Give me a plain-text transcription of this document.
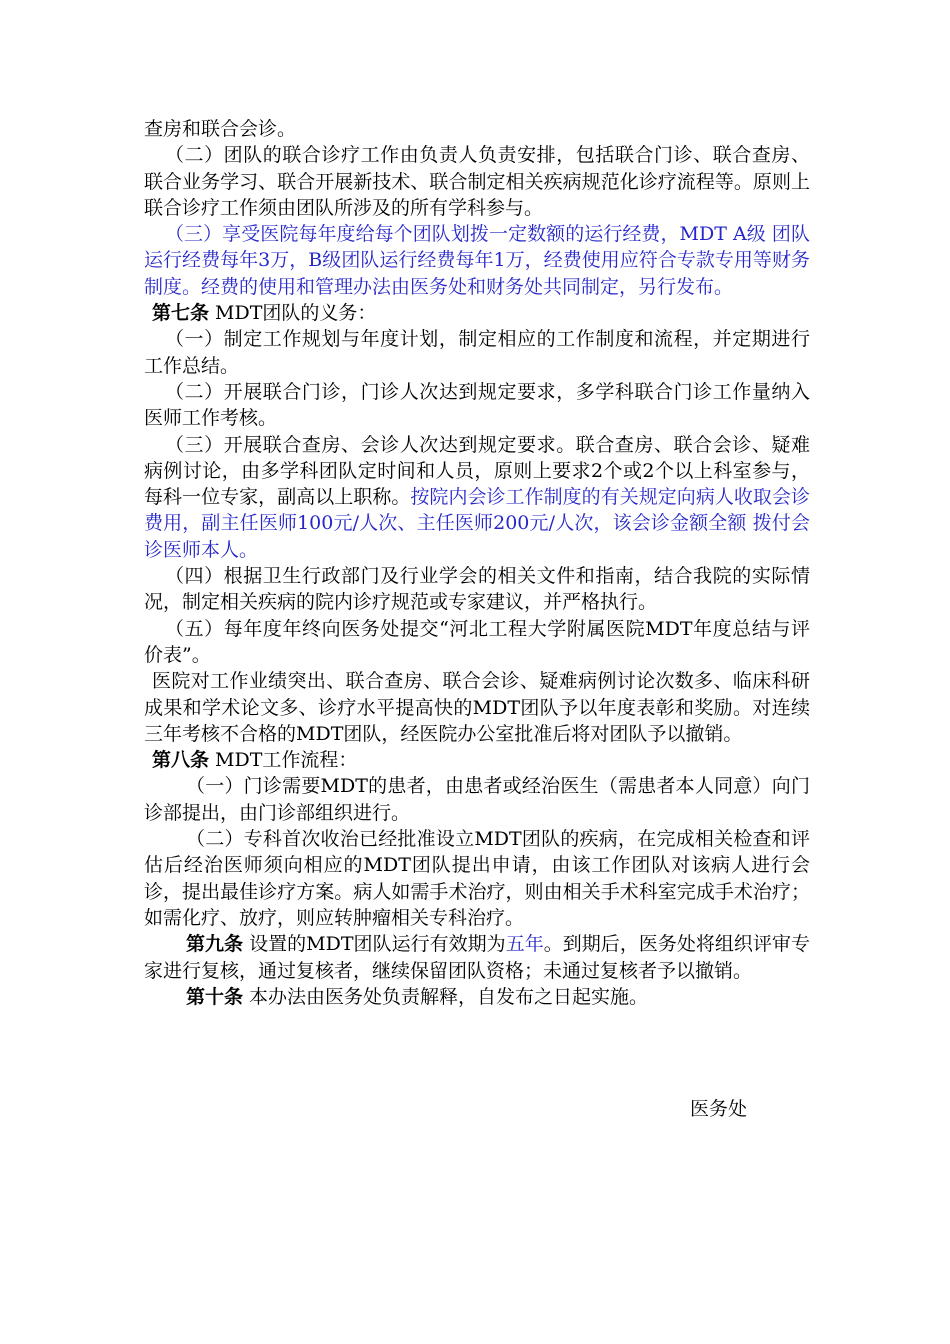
查房和联合会诊。

（二）团队的联合诊疗工作由负责人负责安排，包括联合门诊、联合查房、联合业务学习、联合开展新技术、联合制定相关疾病规范化诊疗流程等。原则上联合诊疗工作须由团队所涉及的所有学科参与。

（三）享受医院每年度给每个团队划拨一定数额的运行经费，MDT A级 团队运行经费每年3万，B级团队运行经费每年1万，经费使用应符合专款专用等财务制度。经费的使用和管理办法由医务处和财务处共同制定，另行发布。

第七条 MDT团队的义务：

（一）制定工作规划与年度计划，制定相应的工作制度和流程，并定期进行工作总结。

（二）开展联合门诊，门诊人次达到规定要求，多学科联合门诊工作量纳入医师工作考核。

（三）开展联合查房、会诊人次达到规定要求。联合查房、联合会诊、疑难病例讨论，由多学科团队定时间和人员，原则上要求2个或2个以上科室参与，每科一位专家，副高以上职称。按院内会诊工作制度的有关规定向病人收取会诊费用，副主任医师100元/人次、主任医师200元/人次，该会诊金额全额 拨付会诊医师本人。

（四）根据卫生行政部门及行业学会的相关文件和指南，结合我院的实际情况，制定相关疾病的院内诊疗规范或专家建议，并严格执行。

（五）每年度年终向医务处提交“河北工程大学附属医院MDT年度总结与评价表”。

医院对工作业绩突出、联合查房、联合会诊、疑难病例讨论次数多、临床科研成果和学术论文多、诊疗水平提高快的MDT团队予以年度表彰和奖励。对连续三年考核不合格的MDT团队，经医院办公室批准后将对团队予以撤销。

第八条 MDT工作流程：

（一）门诊需要MDT的患者，由患者或经治医生（需患者本人同意）向门诊部提出，由门诊部组织进行。

（二）专科首次收治已经批准设立MDT团队的疾病，在完成相关检查和评估后经治医师须向相应的MDT团队提出申请，由该工作团队对该病人进行会诊，提出最佳诊疗方案。病人如需手术治疗，则由相关手术科室完成手术治疗；如需化疗、放疗，则应转肿瘤相关专科治疗。

第九条 设置的MDT团队运行有效期为五年。到期后，医务处将组织评审专家进行复核，通过复核者，继续保留团队资格；未通过复核者予以撤销。

第十条 本办法由医务处负责解释，自发布之日起实施。

医务处
